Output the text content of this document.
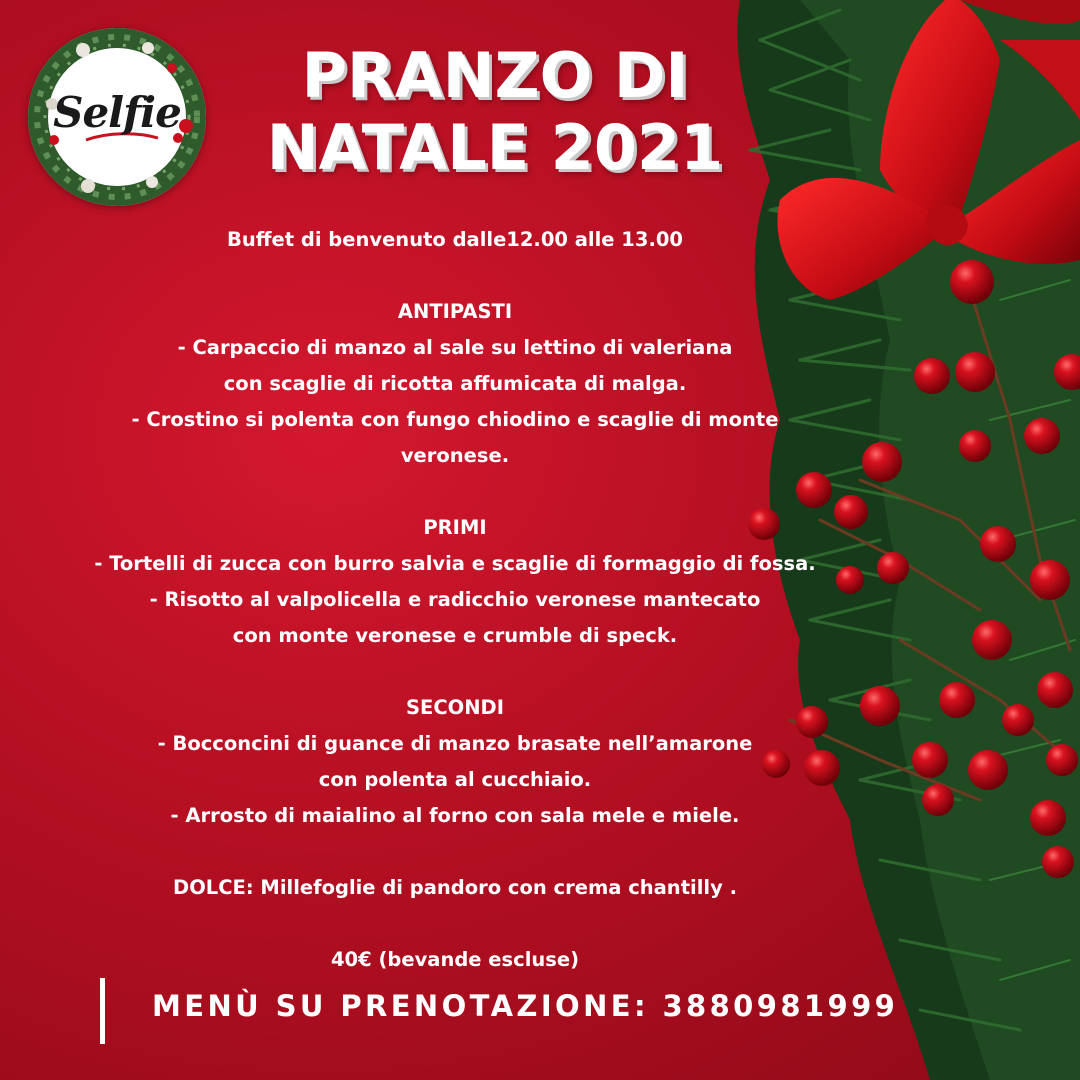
Selfie
PRANZO DI
NATALE 2021
Buffet di benvenuto dalle12.00 alle 13.00
ANTIPASTI
- Carpaccio di manzo al sale su lettino di valeriana
con scaglie di ricotta affumicata di malga.
- Crostino si polenta con fungo chiodino e scaglie di monte
veronese.
PRIMI
- Tortelli di zucca con burro salvia e scaglie di formaggio di fossa.
- Risotto al valpolicella e radicchio veronese mantecato
con monte veronese e crumble di speck.
SECONDI
- Bocconcini di guance di manzo brasate nell’amarone
con polenta al cucchiaio.
- Arrosto di maialino al forno con sala mele e miele.
DOLCE: Millefoglie di pandoro con crema chantilly .
40€ (bevande escluse)
MENÙ SU PRENOTAZIONE: 3880981999
